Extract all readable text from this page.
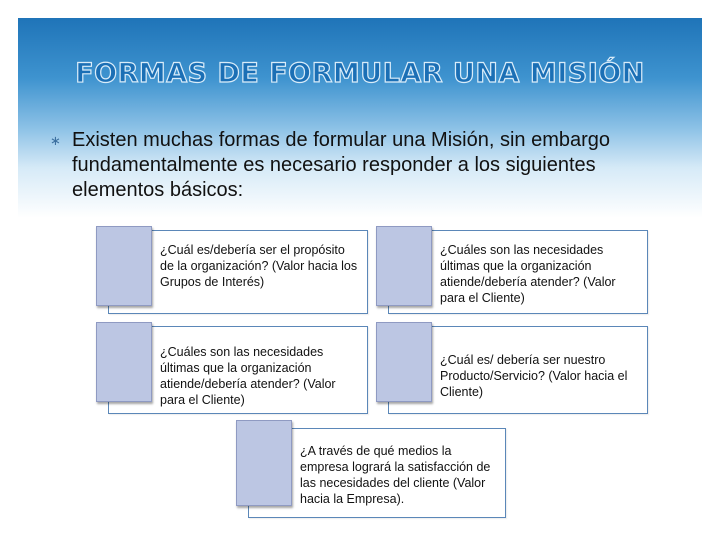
FORMAS DE FORMULAR UNA MISIÓN
∗ Existen muchas formas de formular una Misión, sin embargo fundamentalmente es necesario responder a los siguientes elementos básicos:
¿Cuál es/debería ser el propósito de la organización? (Valor hacia los Grupos de Interés)
¿Cuáles son las necesidades últimas que la organización atiende/debería atender? (Valor para el Cliente)
¿Cuáles son las necesidades últimas que la organización atiende/debería atender? (Valor para el Cliente)
¿Cuál es/ debería ser nuestro Producto/Servicio? (Valor hacia el Cliente)
¿A través de qué medios la empresa logrará la satisfacción de las necesidades del cliente (Valor hacia la Empresa).
